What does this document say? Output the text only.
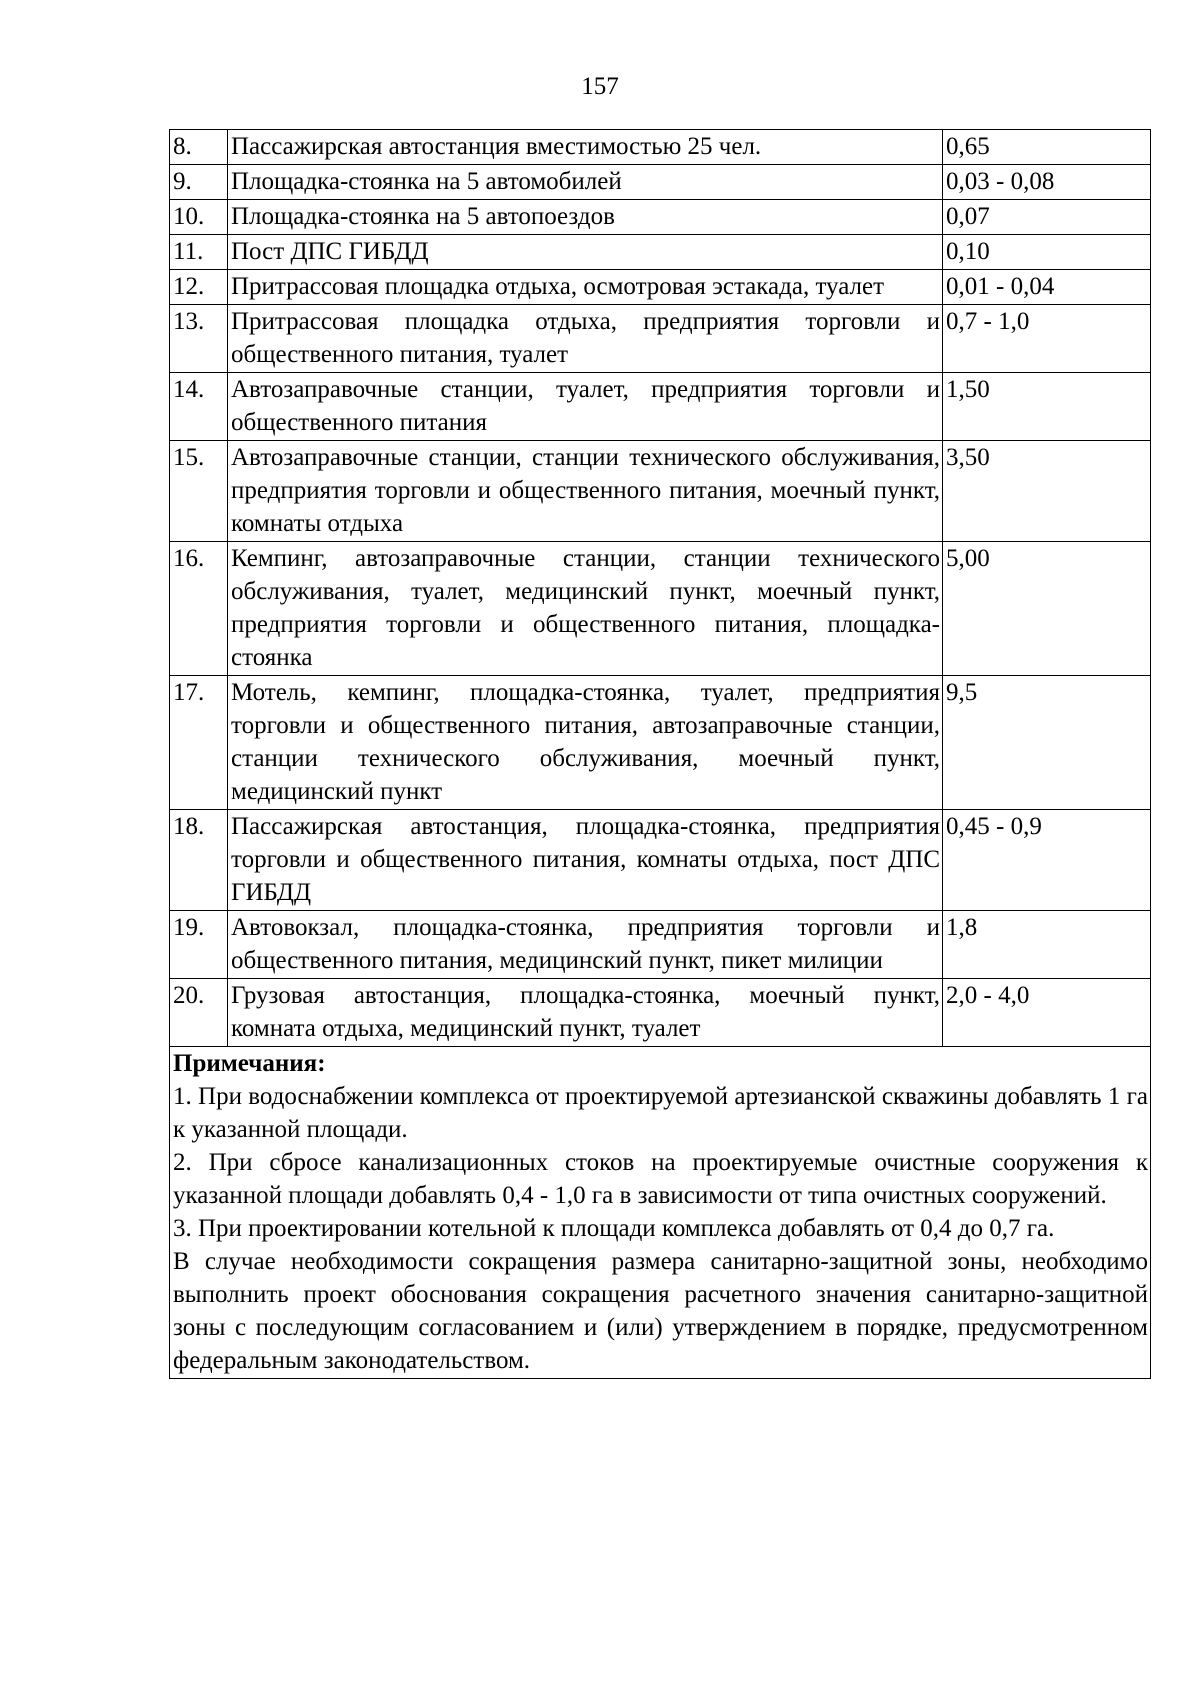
157
8.	Пассажирская автостанция вместимостью 25 чел.	0,65
9.	Площадка-стоянка на 5 автомобилей	0,03 - 0,08
10.	Площадка-стоянка на 5 автопоездов	0,07
11.	Пост ДПС ГИБДД	0,10
12.	Притрассовая площадка отдыха, осмотровая эстакада, туалет	0,01 - 0,04
13.	Притрассовая площадка отдыха, предприятия торговли и общественного питания, туалет	0,7 - 1,0
14.	Автозаправочные станции, туалет, предприятия торговли и общественного питания	1,50
15.	Автозаправочные станции, станции технического обслуживания, предприятия торговли и общественного питания, моечный пункт, комнаты отдыха	3,50
16.	Кемпинг, автозаправочные станции, станции технического обслуживания, туалет, медицинский пункт, моечный пункт, предприятия торговли и общественного питания, площадка-стоянка	5,00
17.	Мотель, кемпинг, площадка-стоянка, туалет, предприятия торговли и общественного питания, автозаправочные станции, станции технического обслуживания, моечный пункт, медицинский пункт	9,5
18.	Пассажирская автостанция, площадка-стоянка, предприятия торговли и общественного питания, комнаты отдыха, пост ДПС ГИБДД	0,45 - 0,9
19.	Автовокзал, площадка-стоянка, предприятия торговли и общественного питания, медицинский пункт, пикет милиции	1,8
20.	Грузовая автостанция, площадка-стоянка, моечный пункт, комната отдыха, медицинский пункт, туалет	2,0 - 4,0

Примечания:
1. При водоснабжении комплекса от проектируемой артезианской скважины добавлять 1 га к указанной площади.
2. При сбросе канализационных стоков на проектируемые очистные сооружения к указанной площади добавлять 0,4 - 1,0 га в зависимости от типа очистных сооружений.
3. При проектировании котельной к площади комплекса добавлять от 0,4 до 0,7 га.
В случае необходимости сокращения размера санитарно-защитной зоны, необходимо выполнить проект обоснования сокращения расчетного значения санитарно-защитной зоны с последующим согласованием и (или) утверждением в порядке, предусмотренном федеральным законодательством.		
